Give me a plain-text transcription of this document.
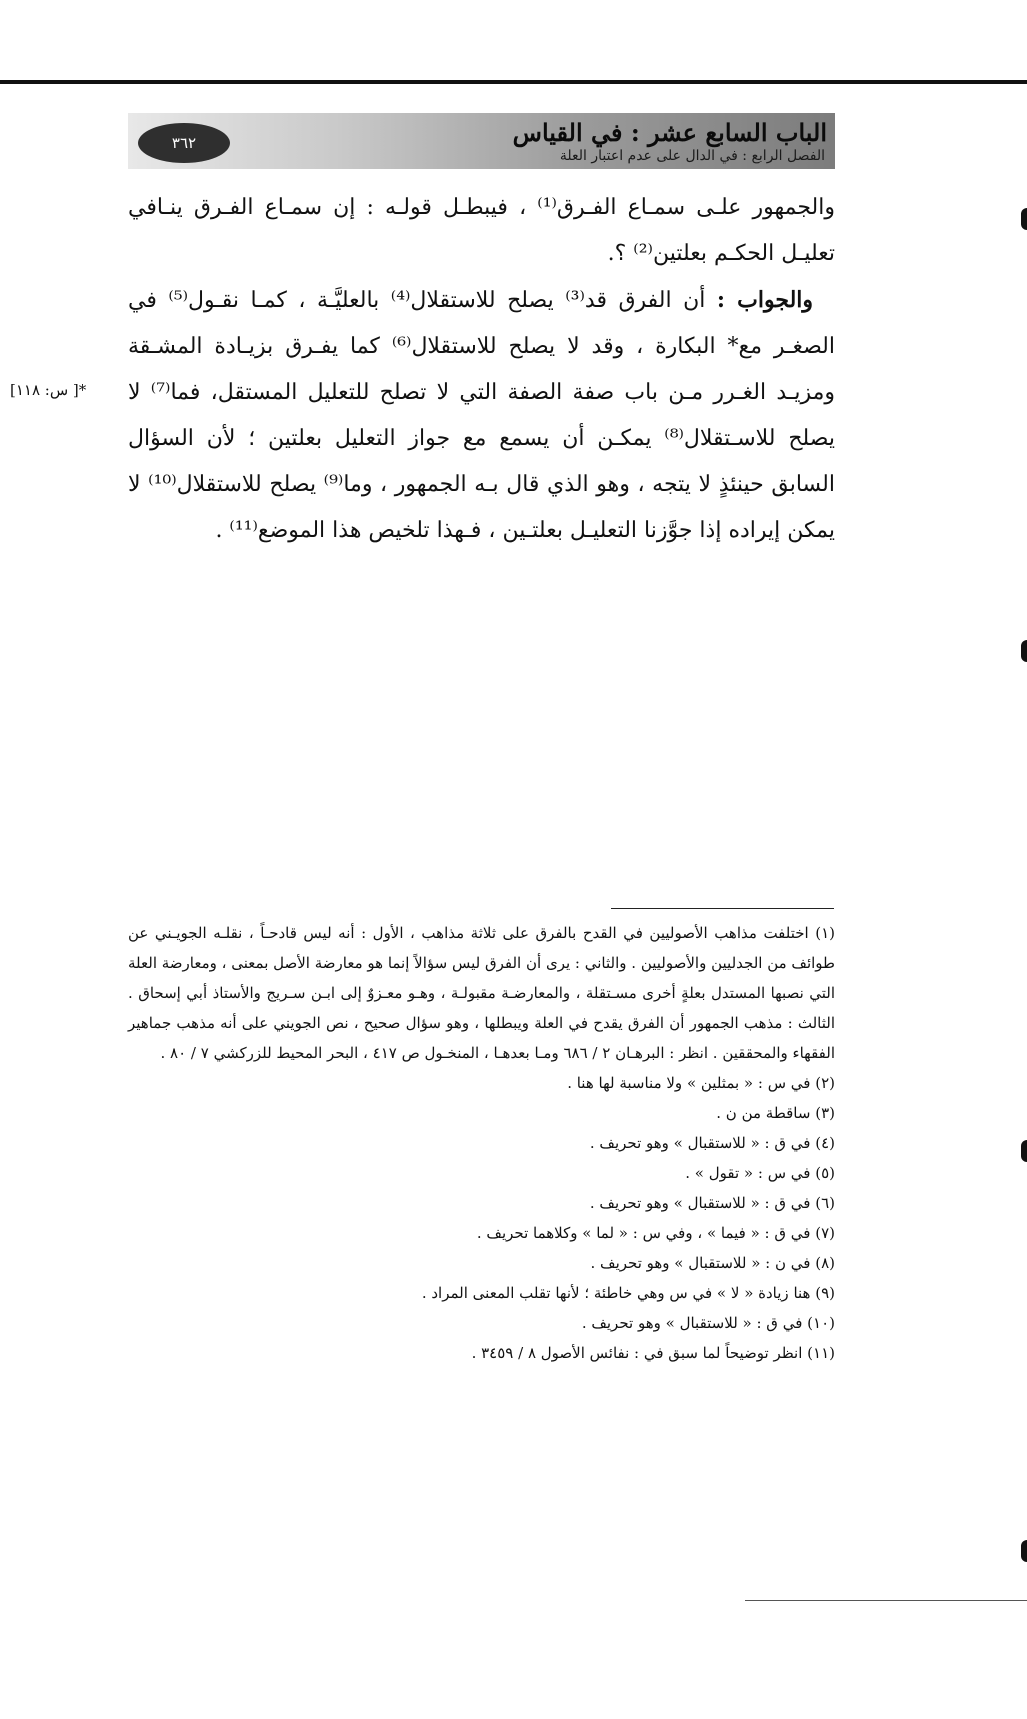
٣٦٢	الباب السابع عشر : في القياس
الفصل الرابع : في الدال على عدم اعتبار العلة

والجمهور علـى سمـاع الفـرق⁽¹⁾ ، فيبطـل قولـه : إن سمـاع الفـرق ينـافي تعليـل الحكـم بعلتين⁽²⁾ ؟.

والجواب : أن الفرق قد⁽³⁾ يصلح للاستقلال⁽⁴⁾ بالعليَّـة ، كمـا نقـول⁽⁵⁾ في الصغـر مع* البكارة ، وقد لا يصلح للاستقلال⁽⁶⁾ كما يفـرق بزيـادة المشـقة ومزيـد الغـرر مـن باب صفة الصفة التي لا تصلح للتعليل المستقل، فما⁽⁷⁾ لا يصلح للاسـتقلال⁽⁸⁾ يمكـن أن يسمع مع جواز التعليل بعلتين ؛ لأن السؤال السابق حينئذٍ لا يتجه ، وهو الذي قال بـه الجمهور ، وما⁽⁹⁾ يصلح للاستقلال⁽¹⁰⁾ لا يمكن إيراده إذا جوَّزنا التعليـل بعلتـين ، فـهذا تلخيص هذا الموضع⁽¹¹⁾ .

*[ س: ١١٨]

(١) اختلفت مذاهب الأصوليين في القدح بالفرق على ثلاثة مذاهب ، الأول : أنه ليس قادحـاً ، نقلـه الجويـني عن طوائف من الجدليين والأصوليين . والثاني : يرى أن الفرق ليس سؤالاً إنما هو معارضة الأصل بمعنى ، ومعارضة العلة التي نصبها المستدل بعلةٍ أخرى مسـتقلة ، والمعارضـة مقبولـة ، وهـو معـزوٌ إلى ابـن سـريج والأستاذ أبي إسحاق . الثالث : مذهب الجمهور أن الفرق يقدح في العلة ويبطلها ، وهو سؤال صحيح ، نص الجويني على أنه مذهب جماهير الفقهاء والمحققين . انظر : البرهـان ٢ / ٦٨٦ ومـا بعدهـا ، المنخـول ص ٤١٧ ، البحر المحيط للزركشي ٧ / ٨٠ .

(٢) في س : « بمثلين » ولا مناسبة لها هنا .

(٣) ساقطة من ن .

(٤) في ق : « للاستقبال » وهو تحريف .

(٥) في س : « تقول » .

(٦) في ق : « للاستقبال » وهو تحريف .

(٧) في ق : « فيما » ، وفي س : « لما » وكلاهما تحريف .

(٨) في ن : « للاستقبال » وهو تحريف .

(٩) هنا زيادة « لا » في س وهي خاطئة ؛ لأنها تقلب المعنى المراد .

(١٠) في ق : « للاستقبال » وهو تحريف .

(١١) انظر توضيحاً لما سبق في : نفائس الأصول ٨ / ٣٤٥٩ .
